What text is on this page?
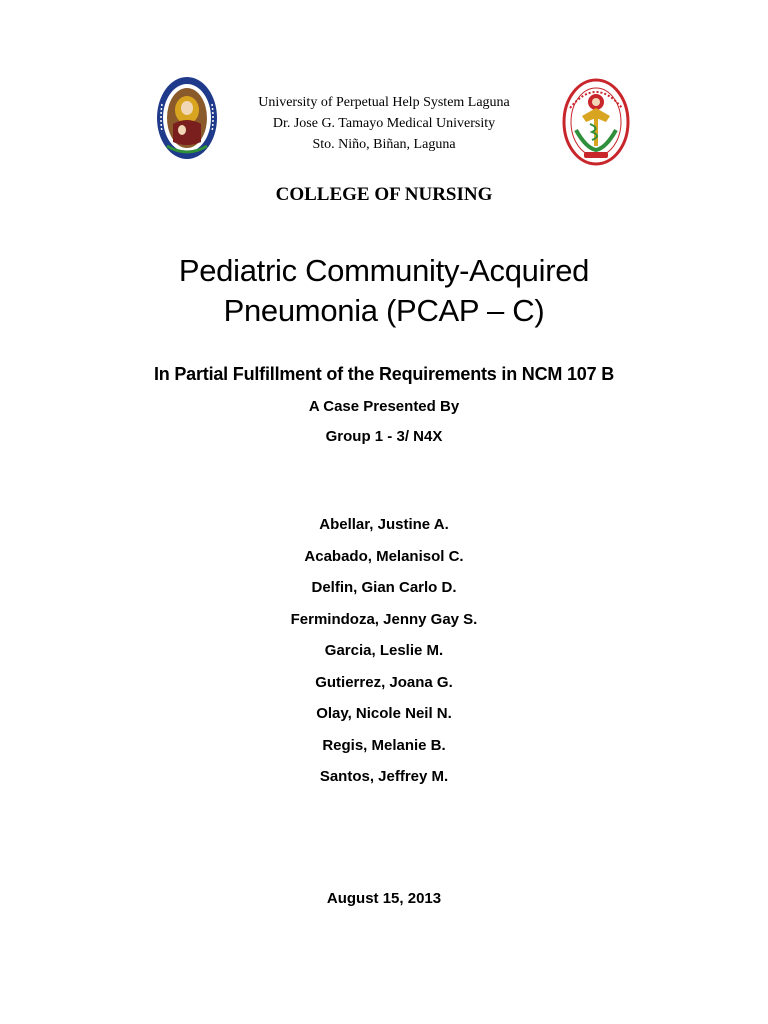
University of Perpetual Help System Laguna
Dr. Jose G. Tamayo Medical University
Sto. Niño, Biñan, Laguna
COLLEGE OF NURSING
Pediatric Community-Acquired
Pneumonia (PCAP – C)
In Partial Fulfillment of the Requirements in NCM 107 B
A Case Presented By
Group 1 - 3/ N4X
Abellar, Justine A.
Acabado, Melanisol C.
Delfin, Gian Carlo D.
Fermindoza, Jenny Gay S.
Garcia, Leslie M.
Gutierrez, Joana G.
Olay, Nicole Neil N.
Regis, Melanie B.
Santos, Jeffrey M.
August 15, 2013
